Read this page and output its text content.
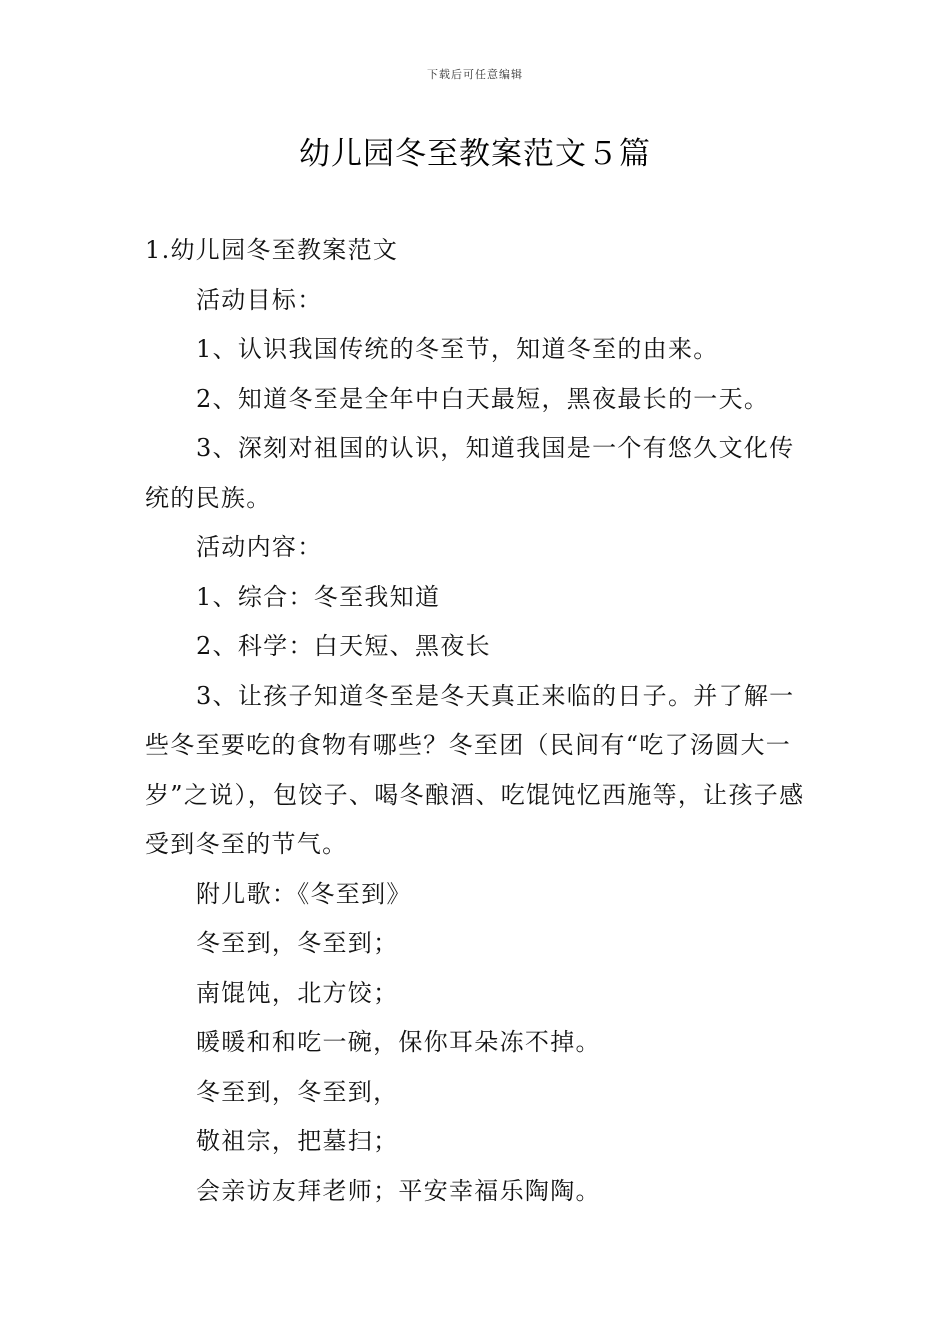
下载后可任意编辑
幼儿园冬至教案范文５篇

1.幼儿园冬至教案范文

活动目标：

1、认识我国传统的冬至节，知道冬至的由来。

2、知道冬至是全年中白天最短，黑夜最长的一天。

3、深刻对祖国的认识，知道我国是一个有悠久文化传统的民族。

活动内容：

1、综合：冬至我知道

2、科学：白天短、黑夜长

3、让孩子知道冬至是冬天真正来临的日子。并了解一些冬至要吃的食物有哪些？冬至团（民间有“吃了汤圆大一岁”之说），包饺子、喝冬酿酒、吃馄饨忆西施等，让孩子感受到冬至的节气。

附儿歌：《冬至到》

冬至到，冬至到；

南馄饨，北方饺；

暖暖和和吃一碗，保你耳朵冻不掉。

冬至到，冬至到，

敬祖宗，把墓扫；

会亲访友拜老师；平安幸福乐陶陶。
